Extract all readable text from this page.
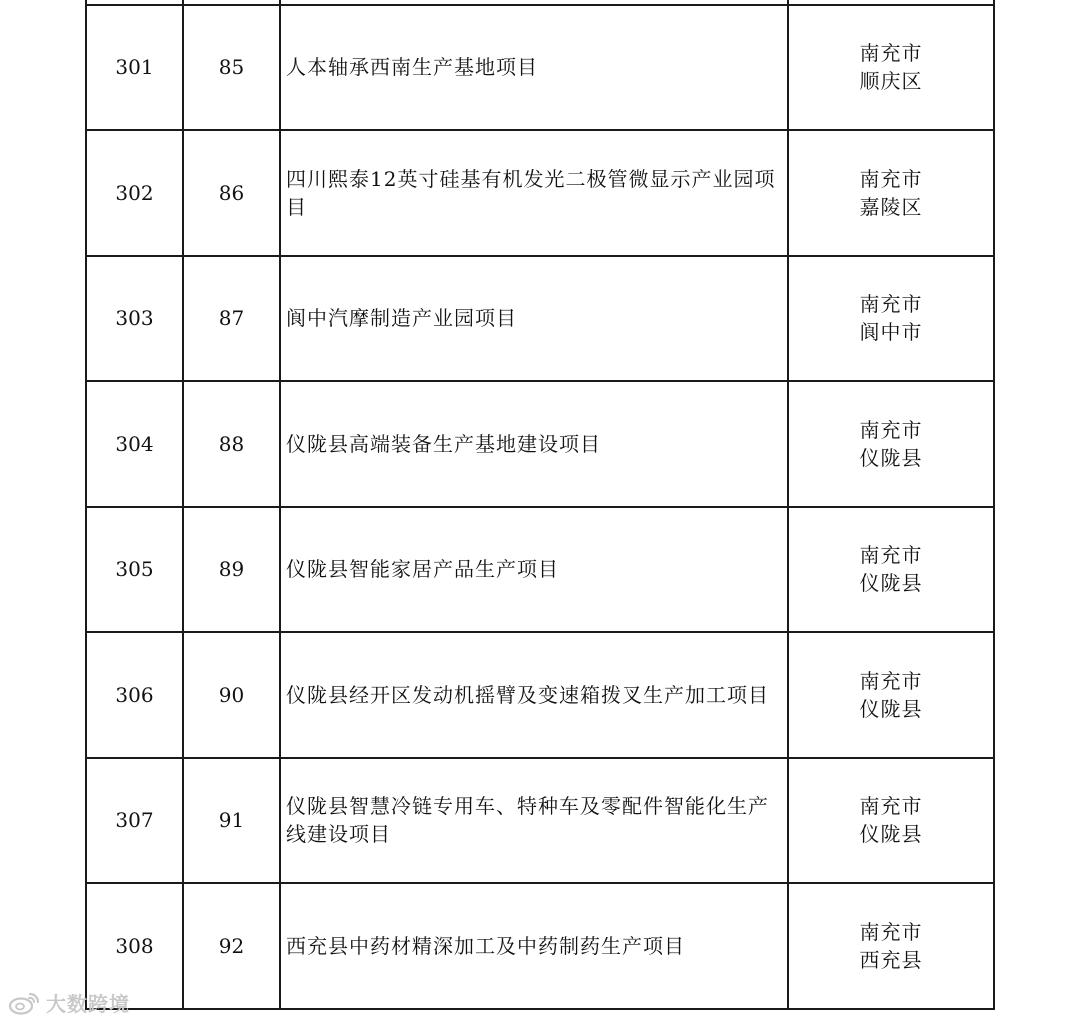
301	85	人本轴承西南生产基地项目	南充市
顺庆区

302	86	四川熙泰12英寸硅基有机发光二极管微显示产业园项目	南充市
嘉陵区

303	87	阆中汽摩制造产业园项目	南充市
阆中市

304	88	仪陇县高端装备生产基地建设项目	南充市
仪陇县

305	89	仪陇县智能家居产品生产项目	南充市
仪陇县

306	90	仪陇县经开区发动机摇臂及变速箱拨叉生产加工项目	南充市
仪陇县

307	91	仪陇县智慧冷链专用车、特种车及零配件智能化生产线建设项目	南充市
仪陇县

308	92	西充县中药材精深加工及中药制药生产项目	南充市
西充县
大数跨境
